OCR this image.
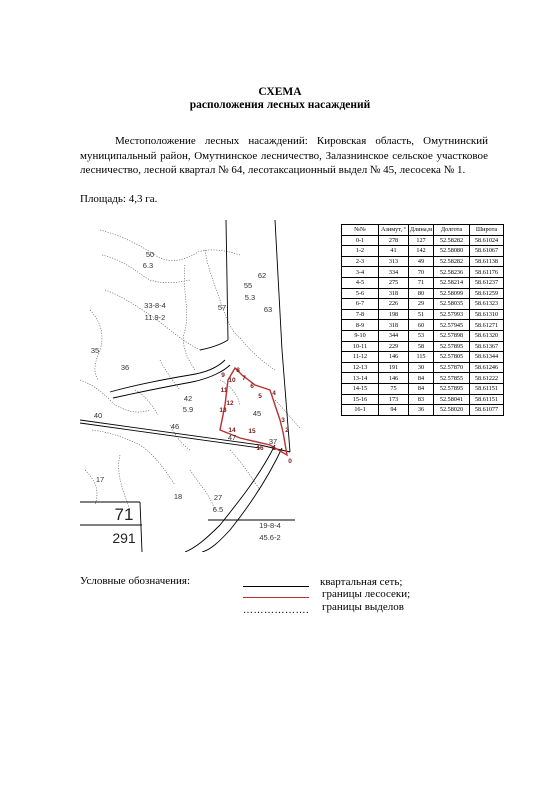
СХЕМА
расположения лесных насаждений
Местоположение лесных насаждений: Кировская область, Омутнинский муниципальный район, Омутнинское лесничество, Залазнинское сельское участковое лесничество, лесной квартал № 64, лесотаксационный выдел № 45, лесосека № 1.
Площадь: 4,3 га.
50
6.3
62
33-8-4
11.9-2
55
5.3
57	63
35
36
42
5.9	45
40
46
47	37
17
18	27
6.5
19-8-4
45.6-2
71
291
0
1
2
3
4
5
6
7
8
9
10
11
12
13
14 15
16
№№	Азимут, °	Длина,м	Долгота	Широта
0-1	278	127	52.58282	58.61024
1-2	41	142	52.58080	58.61067
2-3	313	49	52.58282	58.61138
3-4	334	70	52.58236	58.61176
4-5	275	71	52.58214	58.61237
5-6	318	80	52.58099	58.61259
6-7	226	29	52.58035	58.61323
7-8	198	51	52.57993	58.61310
8-9	318	60	52.57945	58.61271
9-10	344	53	52.57898	58.61320
10-11	229	58	52.57895	58.61367
11-12	146	115	52.57805	58.61344
12-13	191	30	52.57870	58.61246
13-14	146	84	52.57855	58.61222
14-15	75	84	52.57895	58.61151
15-16	173	83	52.58041	58.61151
16-1	94	36	52.58020	58.61077
Условные обозначения:
……………….
квартальная сеть;
границы лесосеки;
границы выделов
